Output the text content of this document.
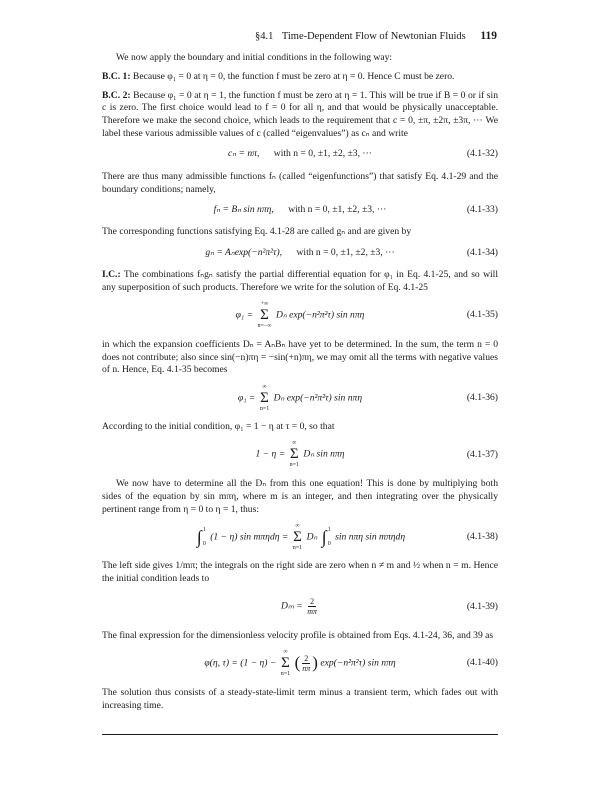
§4.1 Time-Dependent Flow of Newtonian Fluids 119

We now apply the boundary and initial conditions in the following way:

B.C. 1: Because φ₁ = 0 at η = 0, the function f must be zero at η = 0. Hence C must be zero.

B.C. 2: Because φ₁ = 0 at η = 1, the function f must be zero at η = 1. This will be true if B = 0 or if sin c is zero. The first choice would lead to f = 0 for all η, and that would be physically unacceptable. Therefore we make the second choice, which leads to the requirement that c = 0, ±π, ±2π, ±3π, ··· We label these various admissible values of c (called “eigenvalues”) as cₙ and write

cₙ = nπ, with n = 0, ±1, ±2, ±3, ···	(4.1-32)

There are thus many admissible functions fₙ (called “eigenfunctions”) that satisfy Eq. 4.1-29 and the boundary conditions; namely,

fₙ = Bₙ sin nπη, with n = 0, ±1, ±2, ±3, ···	(4.1-33)

The corresponding functions satisfying Eq. 4.1-28 are called gₙ and are given by

gₙ = Aₙexp(−n²π²τ), with n = 0, ±1, ±2, ±3, ···	(4.1-34)

I.C.: The combinations fₙgₙ satisfy the partial differential equation for φ₁ in Eq. 4.1-25, and so will any superposition of such products. Therefore we write for the solution of Eq. 4.1-25

φ₁ =
+∞
Σ
n=−∞
Dₙ exp(−n²π²τ) sin nπη	(4.1-35)

in which the expansion coefficients Dₙ = AₙBₙ have yet to be determined. In the sum, the term n = 0 does not contribute; also since sin(−n)πη = −sin(+n)πη, we may omit all the terms with negative values of n. Hence, Eq. 4.1-35 becomes

φ₁ =
∞
Σ
n=1
Dₙ exp(−n²π²τ) sin nπη	(4.1-36)

According to the initial condition, φ₁ = 1 − η at τ = 0, so that

1 − η =
∞
Σ
n=1
Dₙ sin nπη	(4.1-37)

We now have to determine all the Dₙ from this one equation! This is done by multiplying both sides of the equation by sin mπη, where m is an integer, and then integrating over the physically pertinent range from η = 0 to η = 1, thus:

∫ 1
0
(1 − η) sin mπηdη =
∞
Σ
n=1
Dₙ ∫ 1
0
sin nπη sin mπηdη	(4.1-38)

The left side gives 1/mπ; the integrals on the right side are zero when n ≠ m and ½ when n = m. Hence the initial condition leads to

$D_m = \frac{2}{m\pi}$	(4.1-39)

The final expression for the dimensionless velocity profile is obtained from Eqs. 4.1-24, 36, and 39 as

φ(η, τ) = (1 − η) −
∞
Σ
n=1
( $\frac{2}{n\pi}$ ) exp(−n²π²τ) sin nπη	(4.1-40)

The solution thus consists of a steady-state-limit term minus a transient term, which fades out with increasing time.
